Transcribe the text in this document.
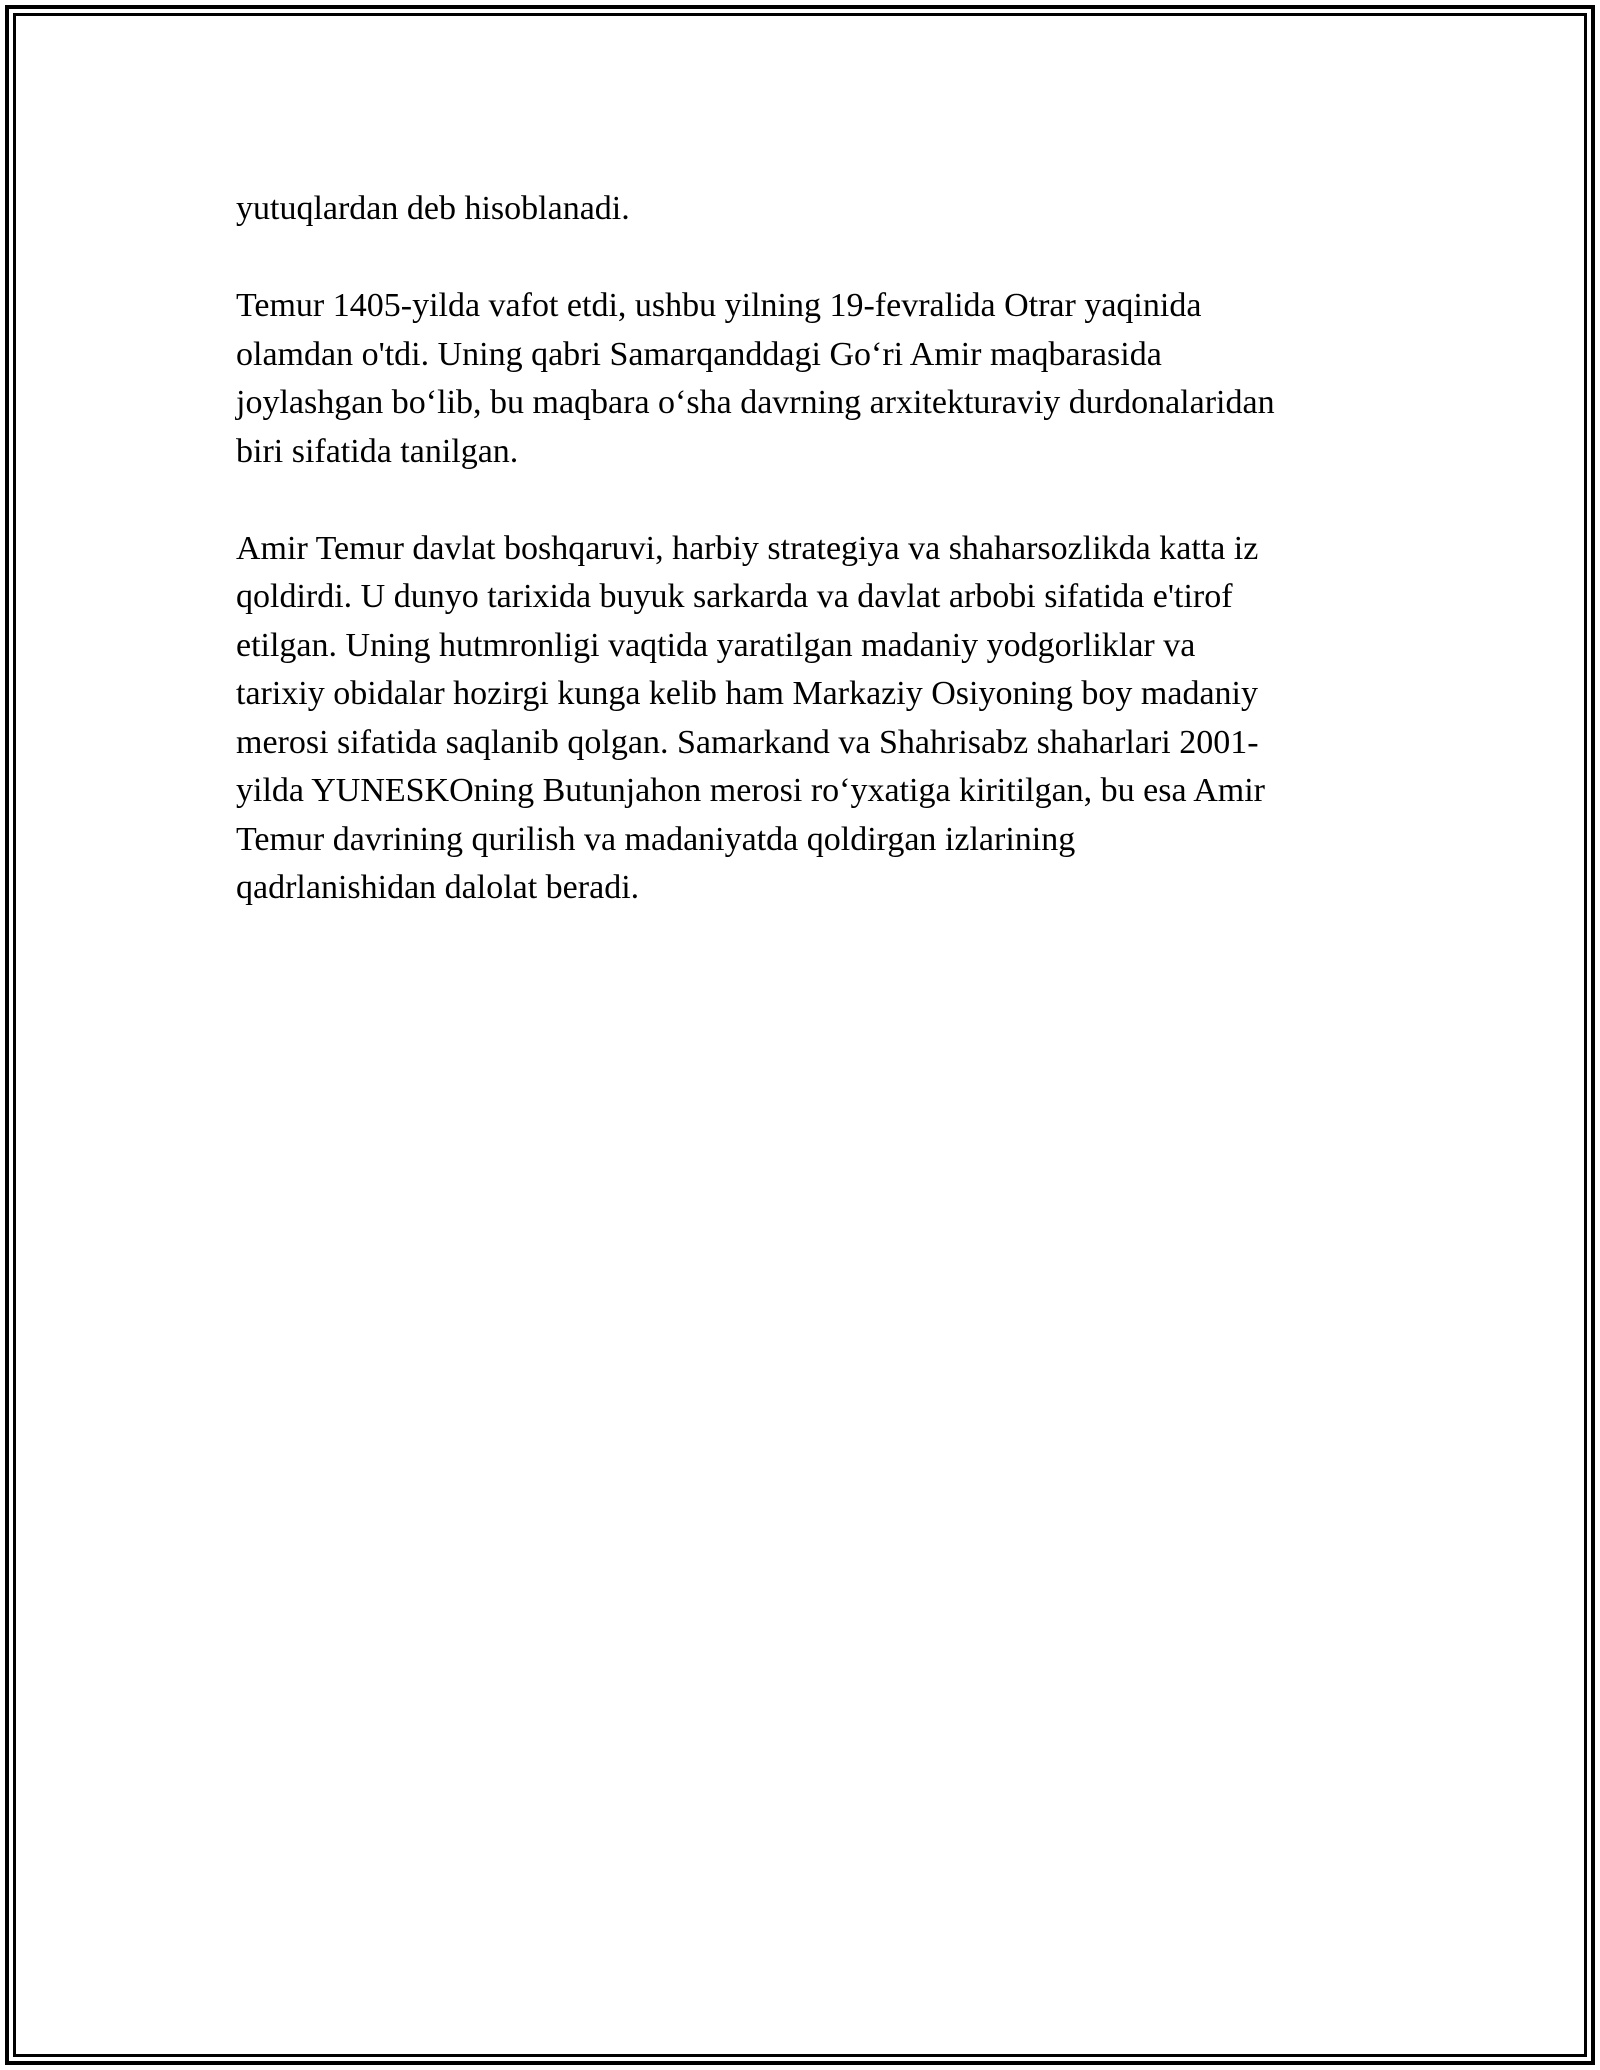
yutuqlardan deb hisoblanadi.

Temur 1405-yilda vafot etdi, ushbu yilning 19-fevralida Otrar yaqinida
olamdan o'tdi. Uning qabri Samarqanddagi Go‘ri Amir maqbarasida
joylashgan bo‘lib, bu maqbara o‘sha davrning arxitekturaviy durdonalaridan
biri sifatida tanilgan.

Amir Temur davlat boshqaruvi, harbiy strategiya va shaharsozlikda katta iz
qoldirdi. U dunyo tarixida buyuk sarkarda va davlat arbobi sifatida e'tirof
etilgan. Uning hutmronligi vaqtida yaratilgan madaniy yodgorliklar va
tarixiy obidalar hozirgi kunga kelib ham Markaziy Osiyoning boy madaniy
merosi sifatida saqlanib qolgan. Samarkand va Shahrisabz shaharlari 2001-
yilda YUNESKOning Butunjahon merosi ro‘yxatiga kiritilgan, bu esa Amir
Temur davrining qurilish va madaniyatda qoldirgan izlarining
qadrlanishidan dalolat beradi.
